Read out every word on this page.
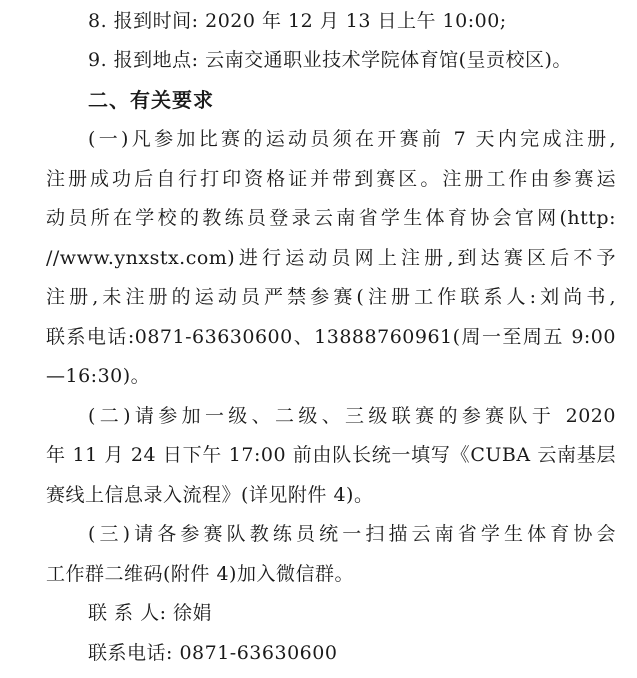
8. 报到时间: 2020 年 12 月 13 日上午 10:00;
9. 报到地点: 云南交通职业技术学院体育馆(呈贡校区)。
二、有关要求
(一)凡参加比赛的运动员须在开赛前 7 天内完成注册,
注册成功后自行打印资格证并带到赛区。注册工作由参赛运
动员所在学校的教练员登录云南省学生体育协会官网(http:
//www.ynxstx.com)进行运动员网上注册,到达赛区后不予
注册,未注册的运动员严禁参赛(注册工作联系人:刘尚书,
联系电话:0871-63630600、13888760961(周一至周五 9:00
—16:30)。
(二)请参加一级、二级、三级联赛的参赛队于 2020
年 11 月 24 日下午 17:00 前由队长统一填写《CUBA 云南基层
赛线上信息录入流程》(详见附件 4)。
(三)请各参赛队教练员统一扫描云南省学生体育协会
工作群二维码(附件 4)加入微信群。
联 系 人: 徐娟
联系电话: 0871-63630600
